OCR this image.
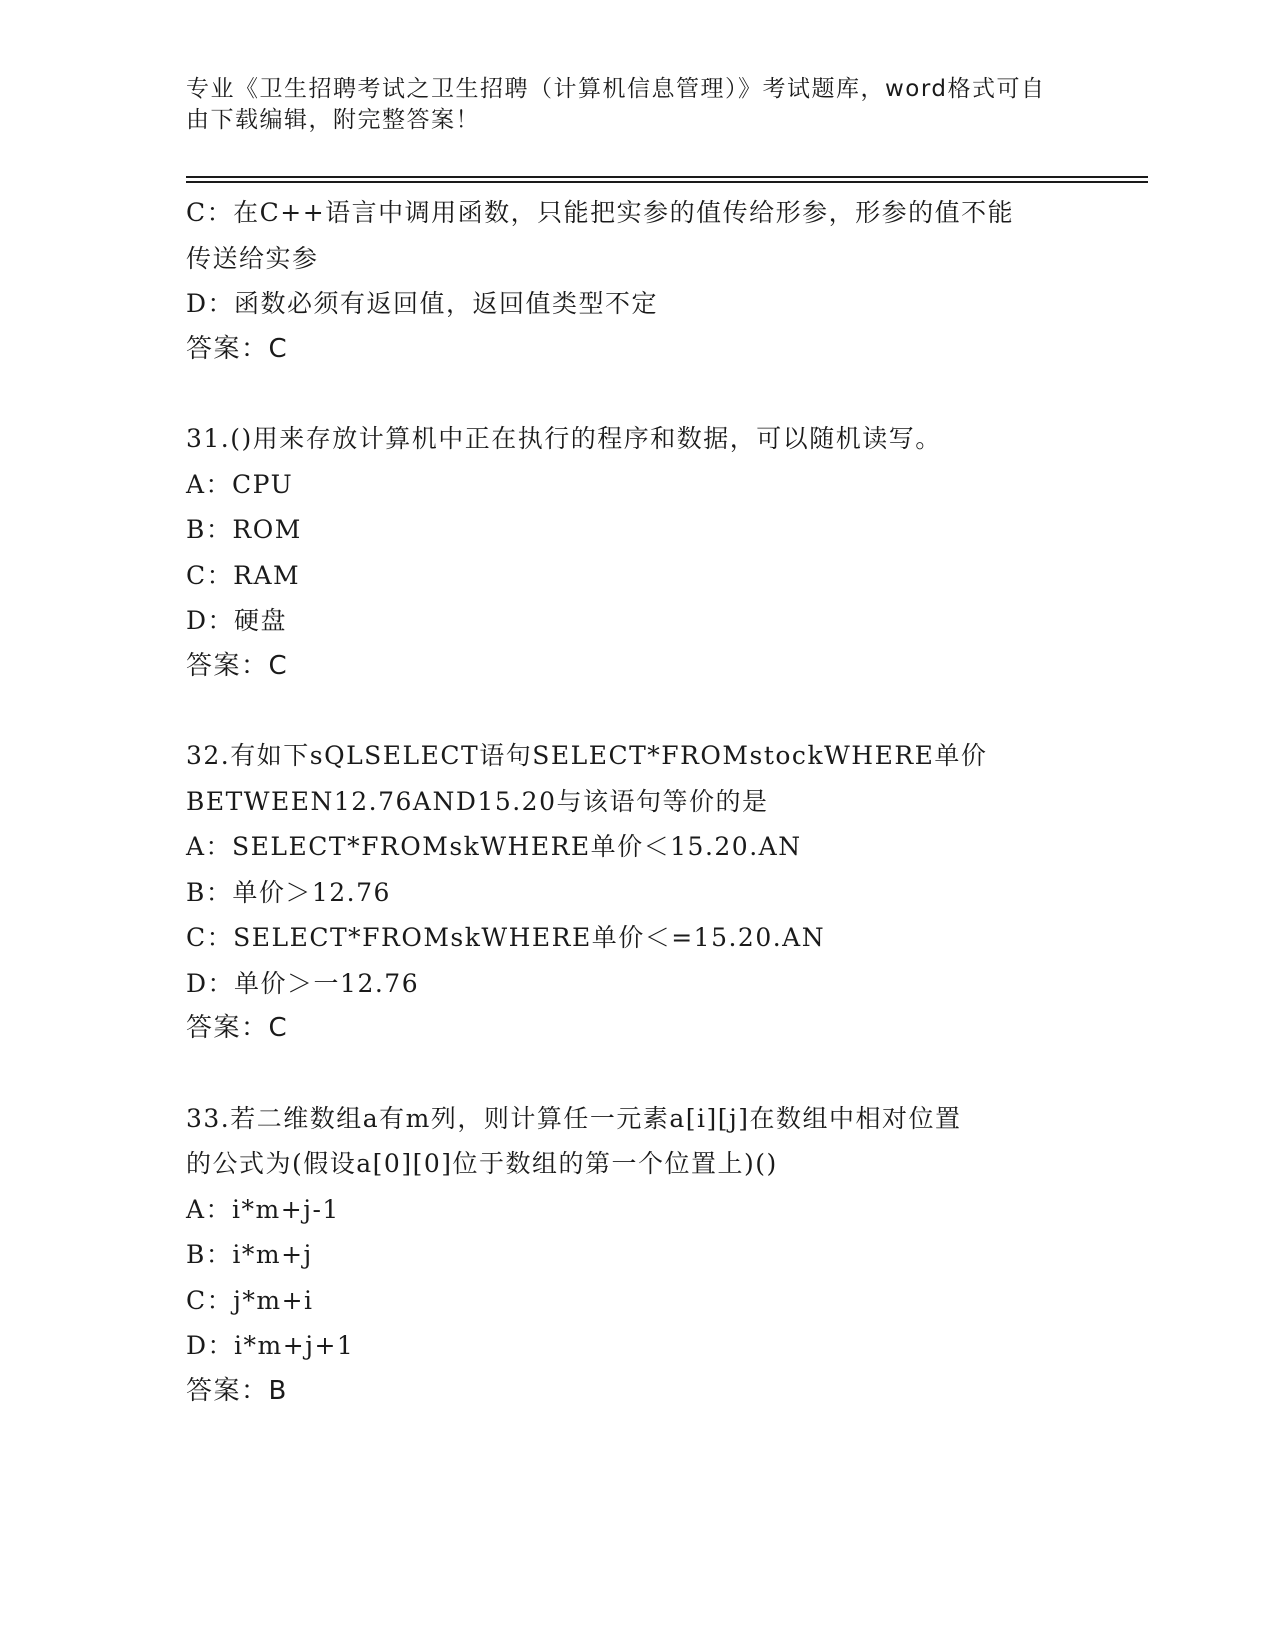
专业《卫生招聘考试之卫生招聘（计算机信息管理）》考试题库，word格式可自
由下载编辑，附完整答案！
C：在C++语言中调用函数，只能把实参的值传给形参，形参的值不能
传送给实参
D：函数必须有返回值，返回值类型不定
答案：C
31.()用来存放计算机中正在执行的程序和数据，可以随机读写。
A：CPU
B：ROM
C：RAM
D：硬盘
答案：C
32.有如下sQLSELECT语句SELECT*FROMstockWHERE单价
BETWEEN12.76AND15.20与该语句等价的是
A：SELECT*FROMskWHERE单价＜15.20.AN
B：单价＞12.76
C：SELECT*FROMskWHERE单价＜=15.20.AN
D：单价＞一12.76
答案：C
33.若二维数组a有m列，则计算任一元素a[i][j]在数组中相对位置
的公式为(假设a[0][0]位于数组的第一个位置上)()
A：i*m+j-1
B：i*m+j
C：j*m+i
D：i*m+j+1
答案：B
